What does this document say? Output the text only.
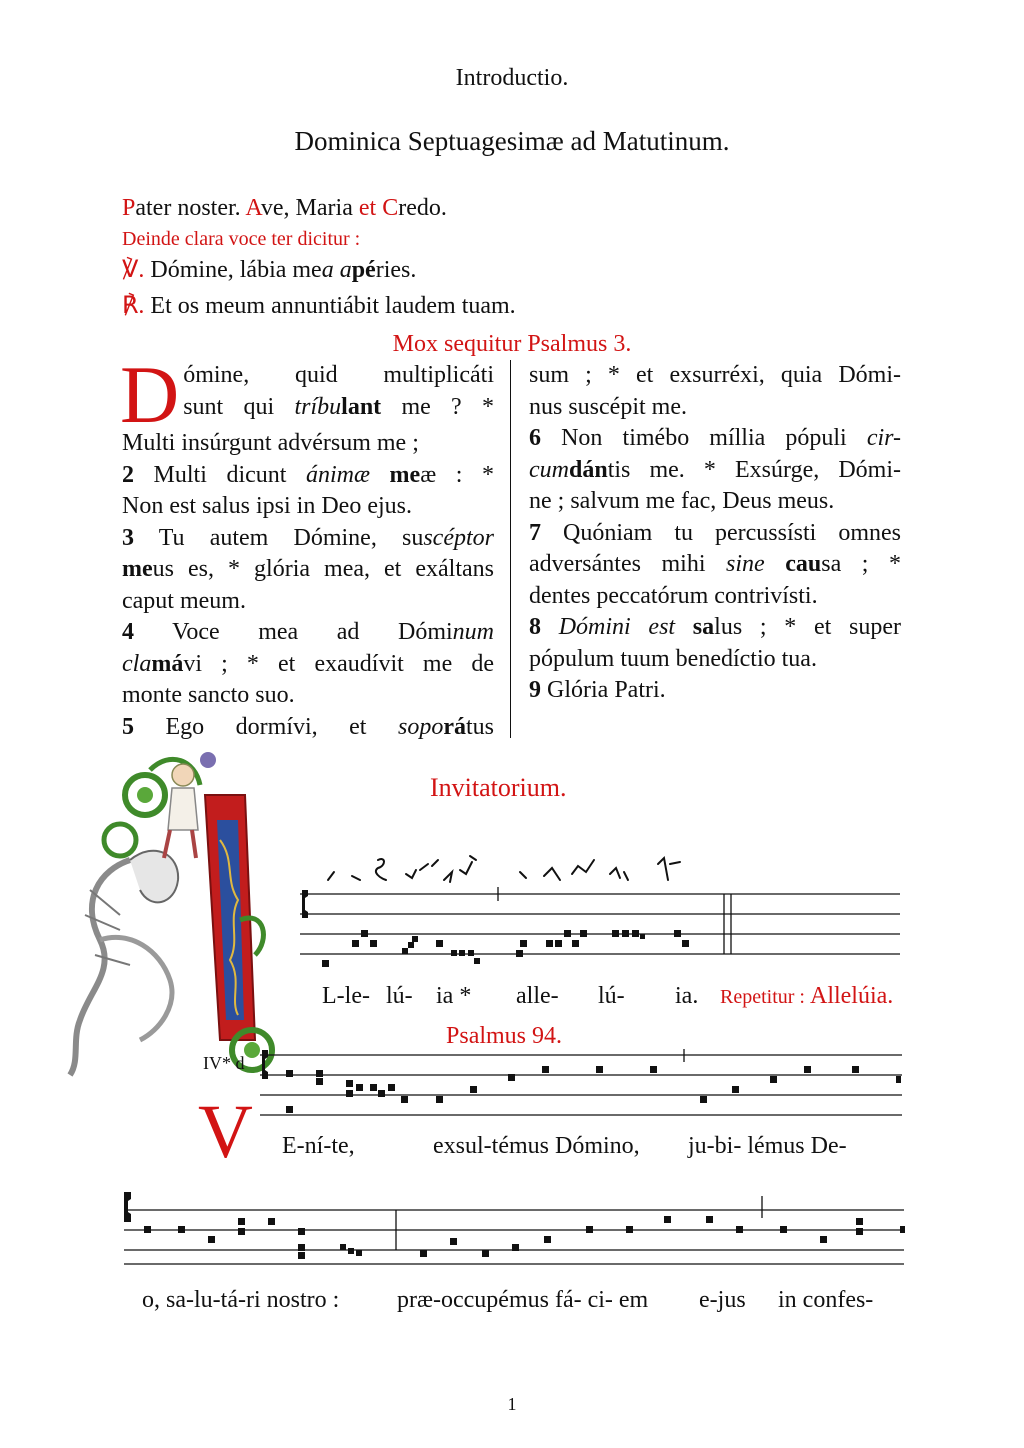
Introductio.
Dominica Septuagesimæ ad Matutinum.
Pater noster. Ave, Maria et Credo.
Deinde clara voce ter dicitur :
℣. Dómine, lábia mea apéries.
℟. Et os meum annuntiábit laudem tuam.
Mox sequitur Psalmus 3.
D ómine, quid multiplicáti

sunt qui tríbulant me ? *

Multi insúrgunt advérsum me ;

2 Multi dicunt ánimæ meæ : *

Non est salus ipsi in Deo ejus.

3 Tu autem Dómine, suscéptor

meus es, * glória mea, et exáltans

caput meum.

4 Voce mea ad Dóminum

clamávi ; * et exaudívit me de

monte sancto suo.

5 Ego dormívi, et soporátus

sum ; * et exsurréxi, quia Dómi-

nus suscépit me.

6 Non timébo míllia pópuli cir-

cumdántis me. * Exsúrge, Dómi-

ne ; salvum me fac, Deus meus.

7 Quóniam tu percussísti omnes

adversántes mihi sine causa ; *

dentes peccatórum contrivísti.

8 Dómini est salus ; * et super

pópulum tuum benedíctio tua.

9 Glória Patri.

Invitatorium.
L-le- lú- ia * alle- lú- ia. Repetitur : Allelúia.
Psalmus 94.
IV* d
V E-ní-te,	exsul-témus Dómino, ju-bi- lémus De-
o, sa-lu-tá-ri nostro : præ-occupémus fá- ci- em e-jus in confes-
1
